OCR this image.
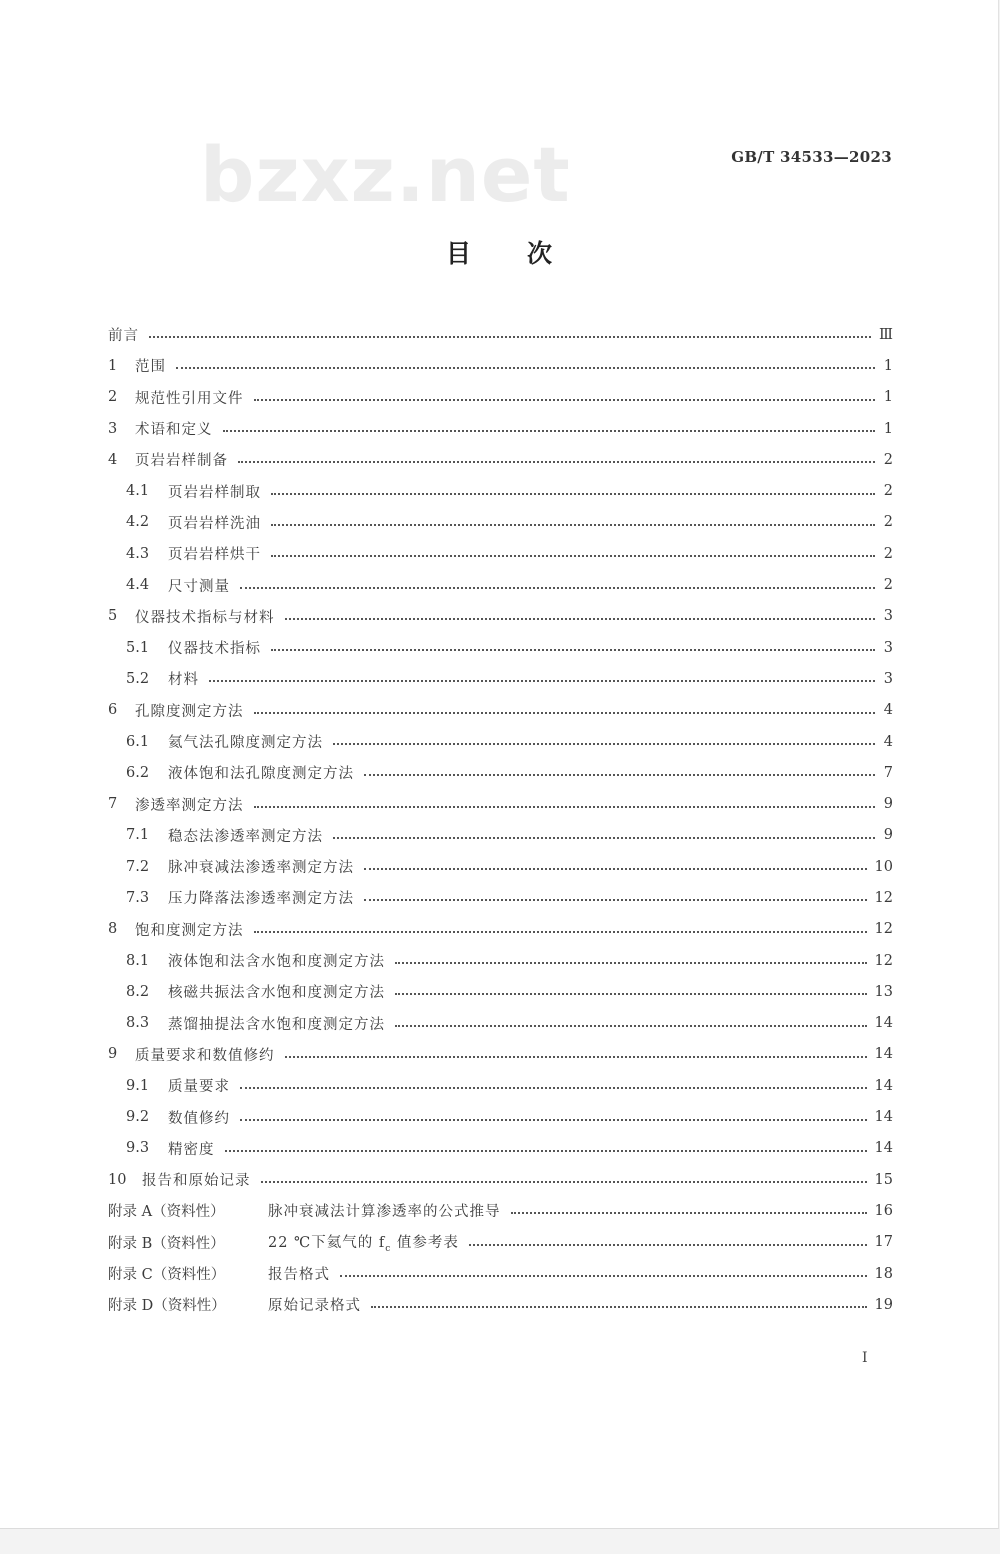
bzxz.net	GB/T 34533—2023
目　　次
前言	Ⅲ
1	范围	1
2	规范性引用文件	1
3	术语和定义	1
4	页岩岩样制备	2
4.1	页岩岩样制取	2
4.2	页岩岩样洗油	2
4.3	页岩岩样烘干	2
4.4	尺寸测量	2
5	仪器技术指标与材料	3
5.1	仪器技术指标	3
5.2	材料	3
6	孔隙度测定方法	4
6.1	氦气法孔隙度测定方法	4
6.2	液体饱和法孔隙度测定方法	7
7	渗透率测定方法	9
7.1	稳态法渗透率测定方法	9
7.2	脉冲衰减法渗透率测定方法	10
7.3	压力降落法渗透率测定方法	12
8	饱和度测定方法	12
8.1	液体饱和法含水饱和度测定方法	12
8.2	核磁共振法含水饱和度测定方法	13
8.3	蒸馏抽提法含水饱和度测定方法	14
9	质量要求和数值修约	14
9.1	质量要求	14
9.2	数值修约	14
9.3	精密度	14
10	报告和原始记录	15
附录 A（资料性）	脉冲衰减法计算渗透率的公式推导	16
附录 B（资料性）	22 ℃下氦气的 $f_c$ 值参考表	17
附录 C（资料性）	报告格式	18
附录 D（资料性）	原始记录格式	19
I
